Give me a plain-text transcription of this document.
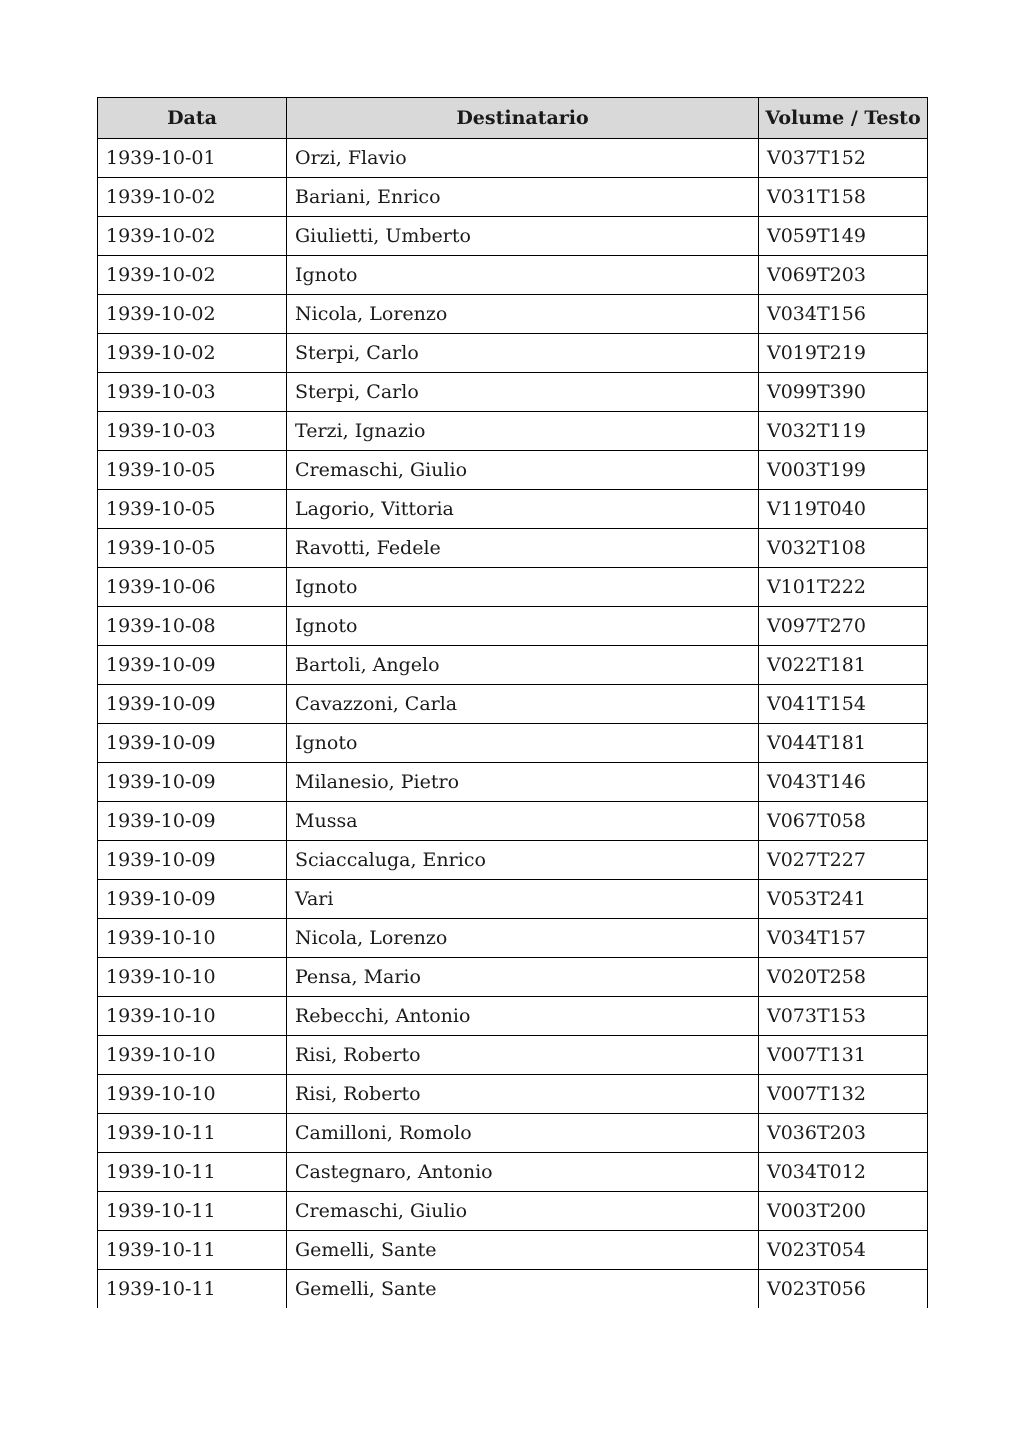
Data	Destinatario	Volume / Testo
1939-10-01	Orzi, Flavio	V037T152
1939-10-02	Bariani, Enrico	V031T158
1939-10-02	Giulietti, Umberto	V059T149
1939-10-02	Ignoto	V069T203
1939-10-02	Nicola, Lorenzo	V034T156
1939-10-02	Sterpi, Carlo	V019T219
1939-10-03	Sterpi, Carlo	V099T390
1939-10-03	Terzi, Ignazio	V032T119
1939-10-05	Cremaschi, Giulio	V003T199
1939-10-05	Lagorio, Vittoria	V119T040
1939-10-05	Ravotti, Fedele	V032T108
1939-10-06	Ignoto	V101T222
1939-10-08	Ignoto	V097T270
1939-10-09	Bartoli, Angelo	V022T181
1939-10-09	Cavazzoni, Carla	V041T154
1939-10-09	Ignoto	V044T181
1939-10-09	Milanesio, Pietro	V043T146
1939-10-09	Mussa	V067T058
1939-10-09	Sciaccaluga, Enrico	V027T227
1939-10-09	Vari	V053T241
1939-10-10	Nicola, Lorenzo	V034T157
1939-10-10	Pensa, Mario	V020T258
1939-10-10	Rebecchi, Antonio	V073T153
1939-10-10	Risi, Roberto	V007T131
1939-10-10	Risi, Roberto	V007T132
1939-10-11	Camilloni, Romolo	V036T203
1939-10-11	Castegnaro, Antonio	V034T012
1939-10-11	Cremaschi, Giulio	V003T200
1939-10-11	Gemelli, Sante	V023T054
1939-10-11	Gemelli, Sante	V023T056
